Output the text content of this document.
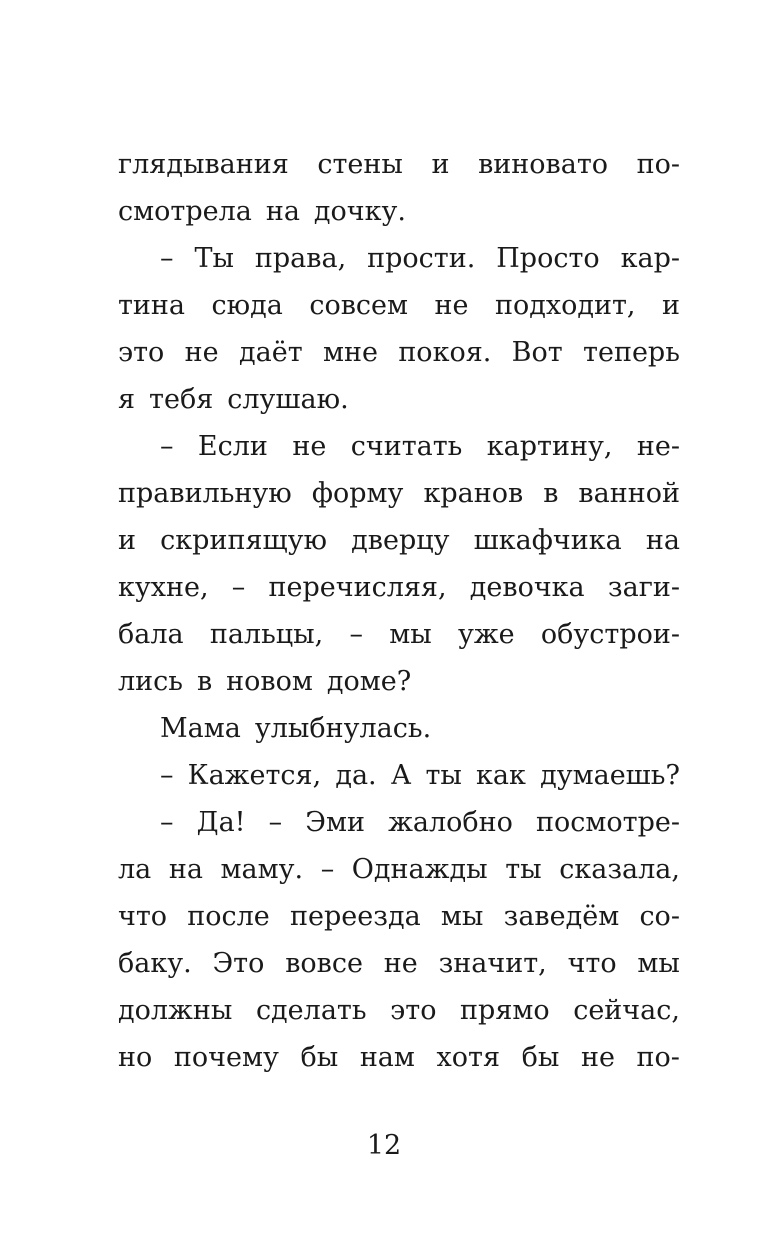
глядывания стены и виновато по-
смотрела на дочку.
– Ты права, прости. Просто кар-
тина сюда совсем не подходит, и
это не даёт мне покоя. Вот теперь
я тебя слушаю.
– Если не считать картину, не-
правильную форму кранов в ванной
и скрипящую дверцу шкафчика на
кухне, – перечисляя, девочка заги-
бала пальцы, – мы уже обустрои-
лись в новом доме?
Мама улыбнулась.
– Кажется, да. А ты как думаешь?
– Да! – Эми жалобно посмотре-
ла на маму. – Однажды ты сказала,
что после переезда мы заведём со-
баку. Это вовсе не значит, что мы
должны сделать это прямо сейчас,
но почему бы нам хотя бы не по-
12
